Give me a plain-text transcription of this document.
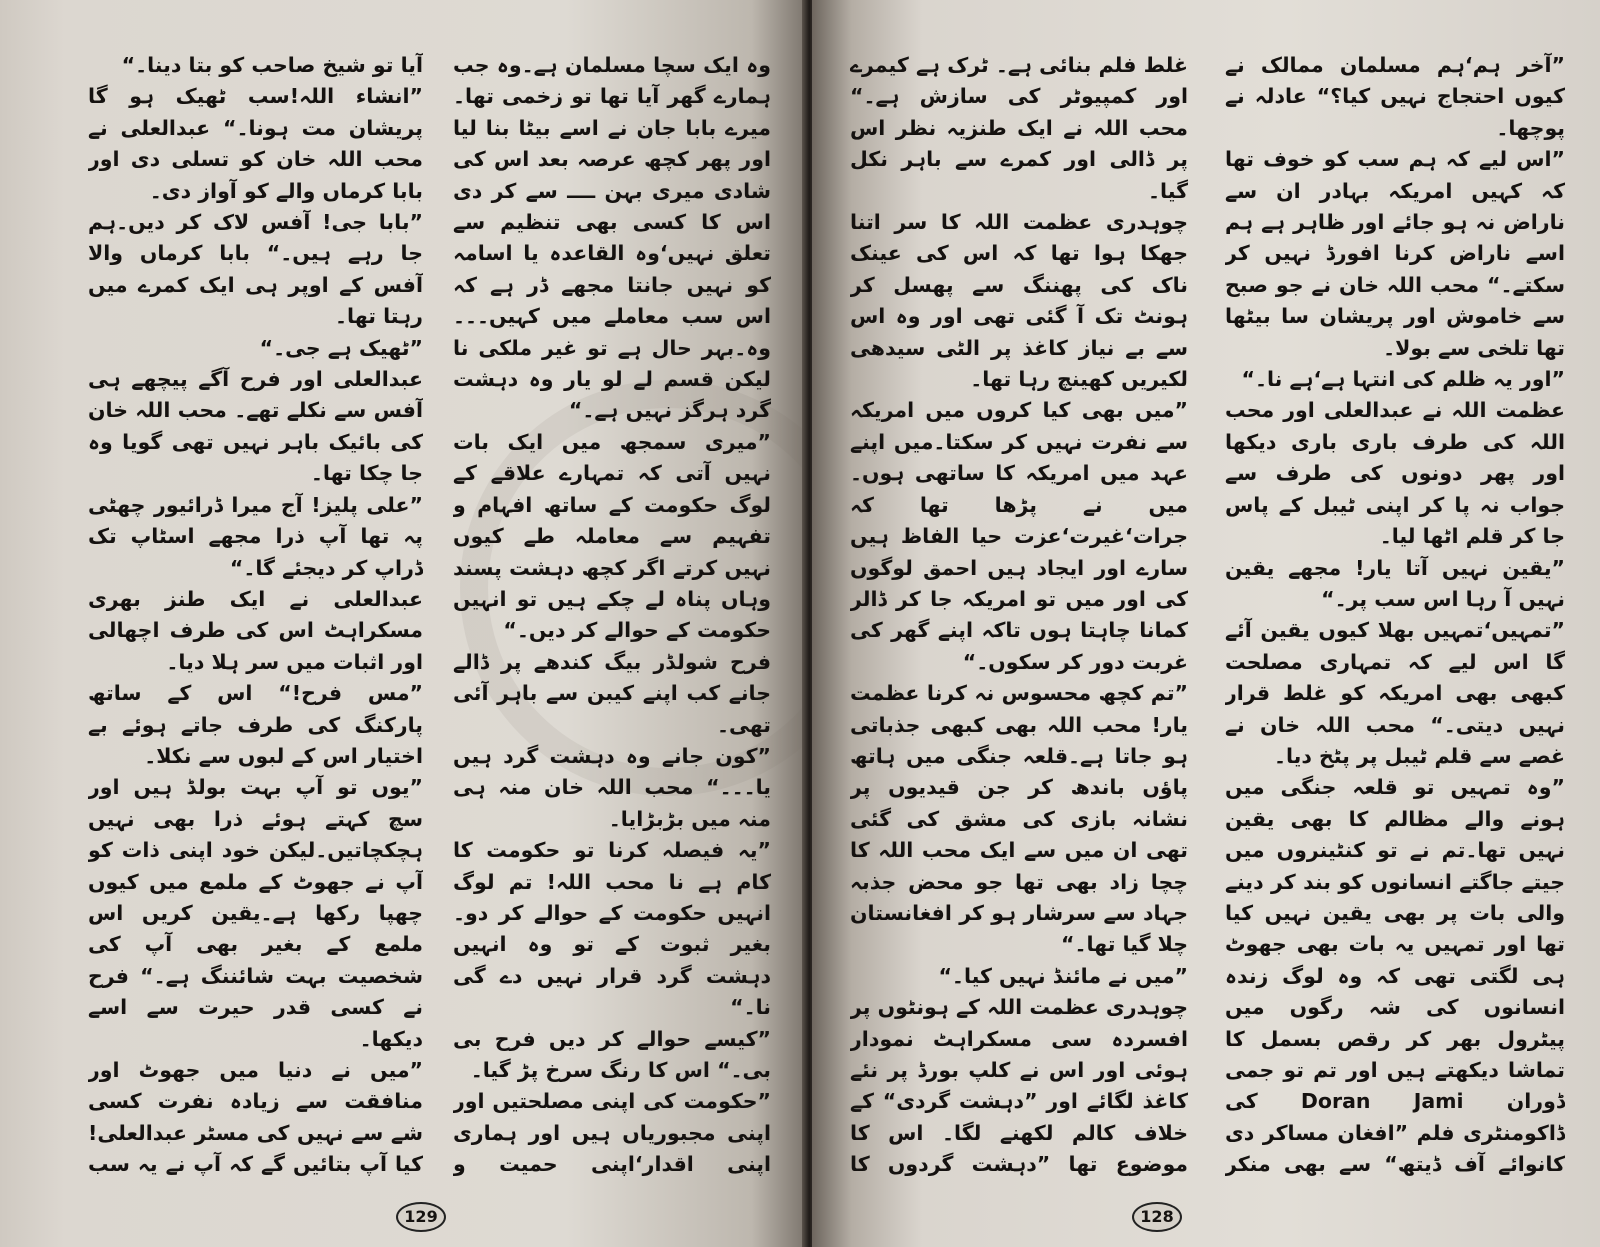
وہ ایک سچا مسلمان ہے۔وہ جب ہمارے گھر آیا تھا تو زخمی تھا۔ میرے بابا جان نے اسے بیٹا بنا لیا اور پھر کچھ عرصہ بعد اس کی شادی میری بہن ــــ سے کر دی اس کا کسی بھی تنظیم سے تعلق نہیں‘وہ القاعدہ یا اسامہ کو نہیں جانتا مجھے ڈر ہے کہ اس سب معاملے میں کہیں۔۔۔وہ۔بہر حال ہے تو غیر ملکی نا لیکن قسم لے لو یار وہ دہشت گرد ہرگز نہیں ہے۔“

”میری سمجھ میں ایک بات نہیں آتی کہ تمہارے علاقے کے لوگ حکومت کے ساتھ افہام و تفہیم سے معاملہ طے کیوں نہیں کرتے اگر کچھ دہشت پسند وہاں پناہ لے چکے ہیں تو انہیں حکومت کے حوالے کر دیں۔“

فرح شولڈر بیگ کندھے پر ڈالے جانے کب اپنے کیبن سے باہر آئی تھی۔

”کون جانے وہ دہشت گرد ہیں یا۔۔۔“ محب اللہ خان منہ ہی منہ میں بڑبڑایا۔

”یہ فیصلہ کرنا تو حکومت کا کام ہے نا محب اللہ! تم لوگ انہیں حکومت کے حوالے کر دو۔بغیر ثبوت کے تو وہ انہیں دہشت گرد قرار نہیں دے گی نا۔“

”کیسے حوالے کر دیں فرح بی بی۔“ اس کا رنگ سرخ پڑ گیا۔

”حکومت کی اپنی مصلحتیں اور اپنی مجبوریاں ہیں اور ہماری اپنی اقدار‘اپنی حمیت و

آیا تو شیخ صاحب کو بتا دینا۔“

”انشاء اللہ!سب ٹھیک ہو گا پریشان مت ہونا۔“ عبدالعلی نے محب اللہ خان کو تسلی دی اور بابا کرماں والے کو آواز دی۔

”بابا جی! آفس لاک کر دیں۔ہم جا رہے ہیں۔“ بابا کرماں والا آفس کے اوپر ہی ایک کمرے میں رہتا تھا۔

”ٹھیک ہے جی۔“

عبدالعلی اور فرح آگے پیچھے ہی آفس سے نکلے تھے۔ محب اللہ خان کی بائیک باہر نہیں تھی گویا وہ جا چکا تھا۔

”علی پلیز! آج میرا ڈرائیور چھٹی پہ تھا آپ ذرا مجھے اسٹاپ تک ڈراپ کر دیجئے گا۔“

عبدالعلی نے ایک طنز بھری مسکراہٹ اس کی طرف اچھالی اور اثبات میں سر ہلا دیا۔

”مس فرح!“ اس کے ساتھ پارکنگ کی طرف جاتے ہوئے بے اختیار اس کے لبوں سے نکلا۔

”یوں تو آپ بہت بولڈ ہیں اور سچ کہتے ہوئے ذرا بھی نہیں ہچکچاتیں۔لیکن خود اپنی ذات کو آپ نے جھوٹ کے ملمع میں کیوں چھپا رکھا ہے۔یقین کریں اس ملمع کے بغیر بھی آپ کی شخصیت بہت شائننگ ہے۔“ فرح نے کسی قدر حیرت سے اسے دیکھا۔

”میں نے دنیا میں جھوٹ اور منافقت سے زیادہ نفرت کسی شے سے نہیں کی مسٹر عبدالعلی!کیا آپ بتائیں گے کہ آپ نے یہ سب

129

”آخر ہم‘ہم مسلمان ممالک نے کیوں احتجاج نہیں کیا؟“ عادلہ نے پوچھا۔

”اس لیے کہ ہم سب کو خوف تھا کہ کہیں امریکہ بہادر ان سے ناراض نہ ہو جائے اور ظاہر ہے ہم اسے ناراض کرنا افورڈ نہیں کر سکتے۔“ محب اللہ خان نے جو صبح سے خاموش اور پریشان سا بیٹھا تھا تلخی سے بولا۔

”اور یہ ظلم کی انتہا ہے‘ہے نا۔“

عظمت اللہ نے عبدالعلی اور محب اللہ کی طرف باری باری دیکھا اور پھر دونوں کی طرف سے جواب نہ پا کر اپنی ٹیبل کے پاس جا کر قلم اٹھا لیا۔

”یقین نہیں آتا یار! مجھے یقین نہیں آ رہا اس سب پر۔“

”تمہیں‘تمہیں بھلا کیوں یقین آئے گا اس لیے کہ تمہاری مصلحت کبھی بھی امریکہ کو غلط قرار نہیں دیتی۔“ محب اللہ خان نے غصے سے قلم ٹیبل پر پٹخ دیا۔

”وہ تمہیں تو قلعہ جنگی میں ہونے والے مظالم کا بھی یقین نہیں تھا۔تم نے تو کنٹینروں میں جیتے جاگتے انسانوں کو بند کر دینے والی بات پر بھی یقین نہیں کیا تھا اور تمہیں یہ بات بھی جھوٹ ہی لگتی تھی کہ وہ لوگ زندہ انسانوں کی شہ رگوں میں پیٹرول بھر کر رقص بسمل کا تماشا دیکھتے ہیں اور تم تو جمی ڈوران Doran Jami کی ڈاکومنٹری فلم ”افغان مساکر دی کانوائے آف ڈیتھ“ سے بھی منکر

غلط فلم بنائی ہے۔ ٹرک ہے کیمرے اور کمپیوٹر کی سازش ہے۔“ محب اللہ نے ایک طنزیہ نظر اس پر ڈالی اور کمرے سے باہر نکل گیا۔

چوہدری عظمت اللہ کا سر اتنا جھکا ہوا تھا کہ اس کی عینک ناک کی پھننگ سے پھسل کر ہونٹ تک آ گئی تھی اور وہ اس سے بے نیاز کاغذ پر الٹی سیدھی لکیریں کھینچ رہا تھا۔

”میں بھی کیا کروں میں امریکہ سے نفرت نہیں کر سکتا۔میں اپنے عہد میں امریکہ کا ساتھی ہوں۔میں نے پڑھا تھا کہ جرات‘غیرت‘عزت حیا الفاظ ہیں سارے اور ایجاد ہیں احمق لوگوں کی اور میں تو امریکہ جا کر ڈالر کمانا چاہتا ہوں تاکہ اپنے گھر کی غربت دور کر سکوں۔“

”تم کچھ محسوس نہ کرنا عظمت یار! محب اللہ بھی کبھی جذباتی ہو جاتا ہے۔قلعہ جنگی میں ہاتھ پاؤں باندھ کر جن قیدیوں پر نشانہ بازی کی مشق کی گئی تھی ان میں سے ایک محب اللہ کا چچا زاد بھی تھا جو محض جذبہ جہاد سے سرشار ہو کر افغانستان چلا گیا تھا۔“

”میں نے مائنڈ نہیں کیا۔“

چوہدری عظمت اللہ کے ہونٹوں پر افسردہ سی مسکراہٹ نمودار ہوئی اور اس نے کلپ بورڈ پر نئے کاغذ لگائے اور ”دہشت گردی“ کے خلاف کالم لکھنے لگا۔ اس کا موضوع تھا ”دہشت گردوں کا

128
